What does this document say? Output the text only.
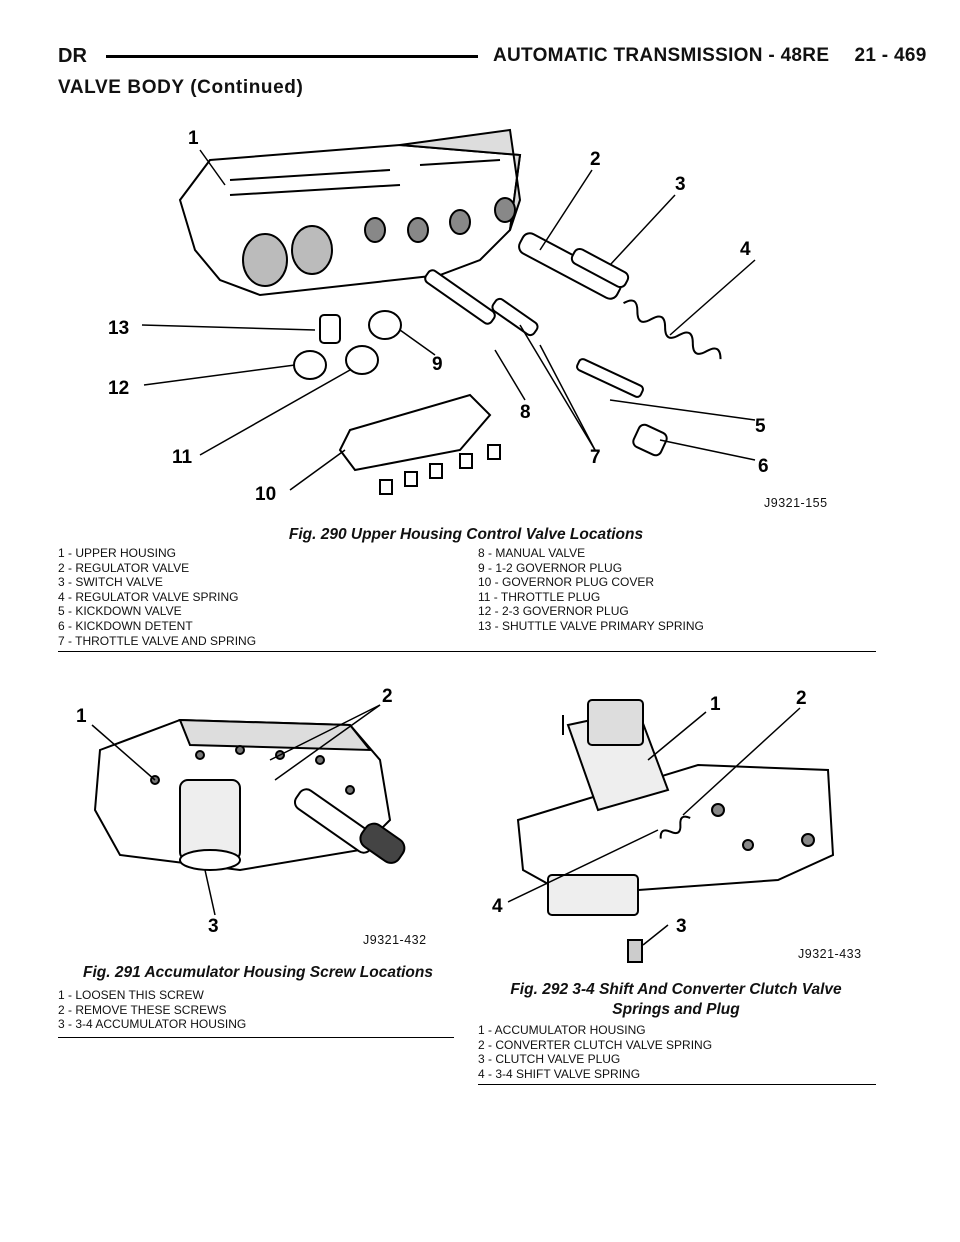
DR	AUTOMATIC TRANSMISSION - 48RE 21 - 469
VALVE BODY (Continued)
1
2
3
4
5
6
7
8
9
10
11
12
13
J9321-155
Fig. 290 Upper Housing Control Valve Locations
1 - UPPER HOUSING
2 - REGULATOR VALVE
3 - SWITCH VALVE
4 - REGULATOR VALVE SPRING
5 - KICKDOWN VALVE
6 - KICKDOWN DETENT
7 - THROTTLE VALVE AND SPRING
8 - MANUAL VALVE
9 - 1-2 GOVERNOR PLUG
10 - GOVERNOR PLUG COVER
11 - THROTTLE PLUG
12 - 2-3 GOVERNOR PLUG
13 - SHUTTLE VALVE PRIMARY SPRING
1
2
3
J9321-432
Fig. 291 Accumulator Housing Screw Locations
1 - LOOSEN THIS SCREW
2 - REMOVE THESE SCREWS
3 - 3-4 ACCUMULATOR HOUSING
1	2
3
4
J9321-433
Fig. 292 3-4 Shift And Converter Clutch Valve
Springs and Plug
1 - ACCUMULATOR HOUSING
2 - CONVERTER CLUTCH VALVE SPRING
3 - CLUTCH VALVE PLUG
4 - 3-4 SHIFT VALVE SPRING
